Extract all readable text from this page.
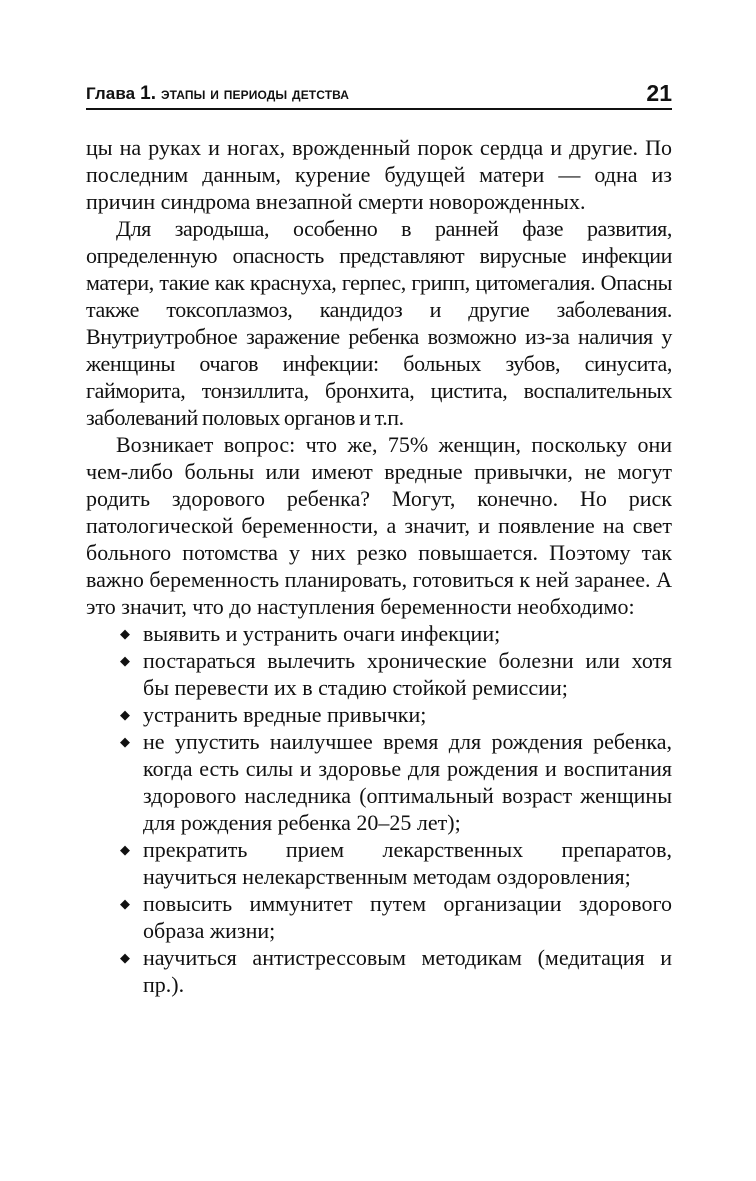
Глава 1. этапы и периоды детства	21

цы на руках и ногах, врожденный порок сердца и другие. По последним данным, курение будущей матери — одна из причин синдрома внезапной смерти новорожденных.

Для зародыша, особенно в ранней фазе развития, определенную опасность представляют вирусные инфекции матери, такие как краснуха, герпес, грипп, цитомегалия. Опасны также токсоплазмоз, кандидоз и другие заболевания. Внутриутробное заражение ребенка возможно из-за наличия у женщины очагов инфекции: больных зубов, синусита, гайморита, тонзиллита, бронхита, цистита, воспалительных заболеваний половых органов и т.п.

Возникает вопрос: что же, 75% женщин, поскольку они чем-либо больны или имеют вредные привычки, не могут родить здорового ребенка? Могут, конечно. Но риск патологической беременности, а значит, и появление на свет больного потомства у них резко повышается. Поэтому так важно беременность планировать, готовиться к ней заранее. А это значит, что до наступления беременности необходимо:

◆ выявить и устранить очаги инфекции;
◆ постараться вылечить хронические болезни или хотя бы перевести их в стадию стойкой ремиссии;
◆ устранить вредные привычки;
◆ не упустить наилучшее время для рождения ребенка, когда есть силы и здоровье для рождения и воспитания здорового наследника (оптимальный возраст женщины для рождения ребенка 20–25 лет);
◆ прекратить прием лекарственных препаратов, научиться нелекарственным методам оздоровления;
◆ повысить иммунитет путем организации здорового образа жизни;
◆ научиться антистрессовым методикам (медитация и пр.).
